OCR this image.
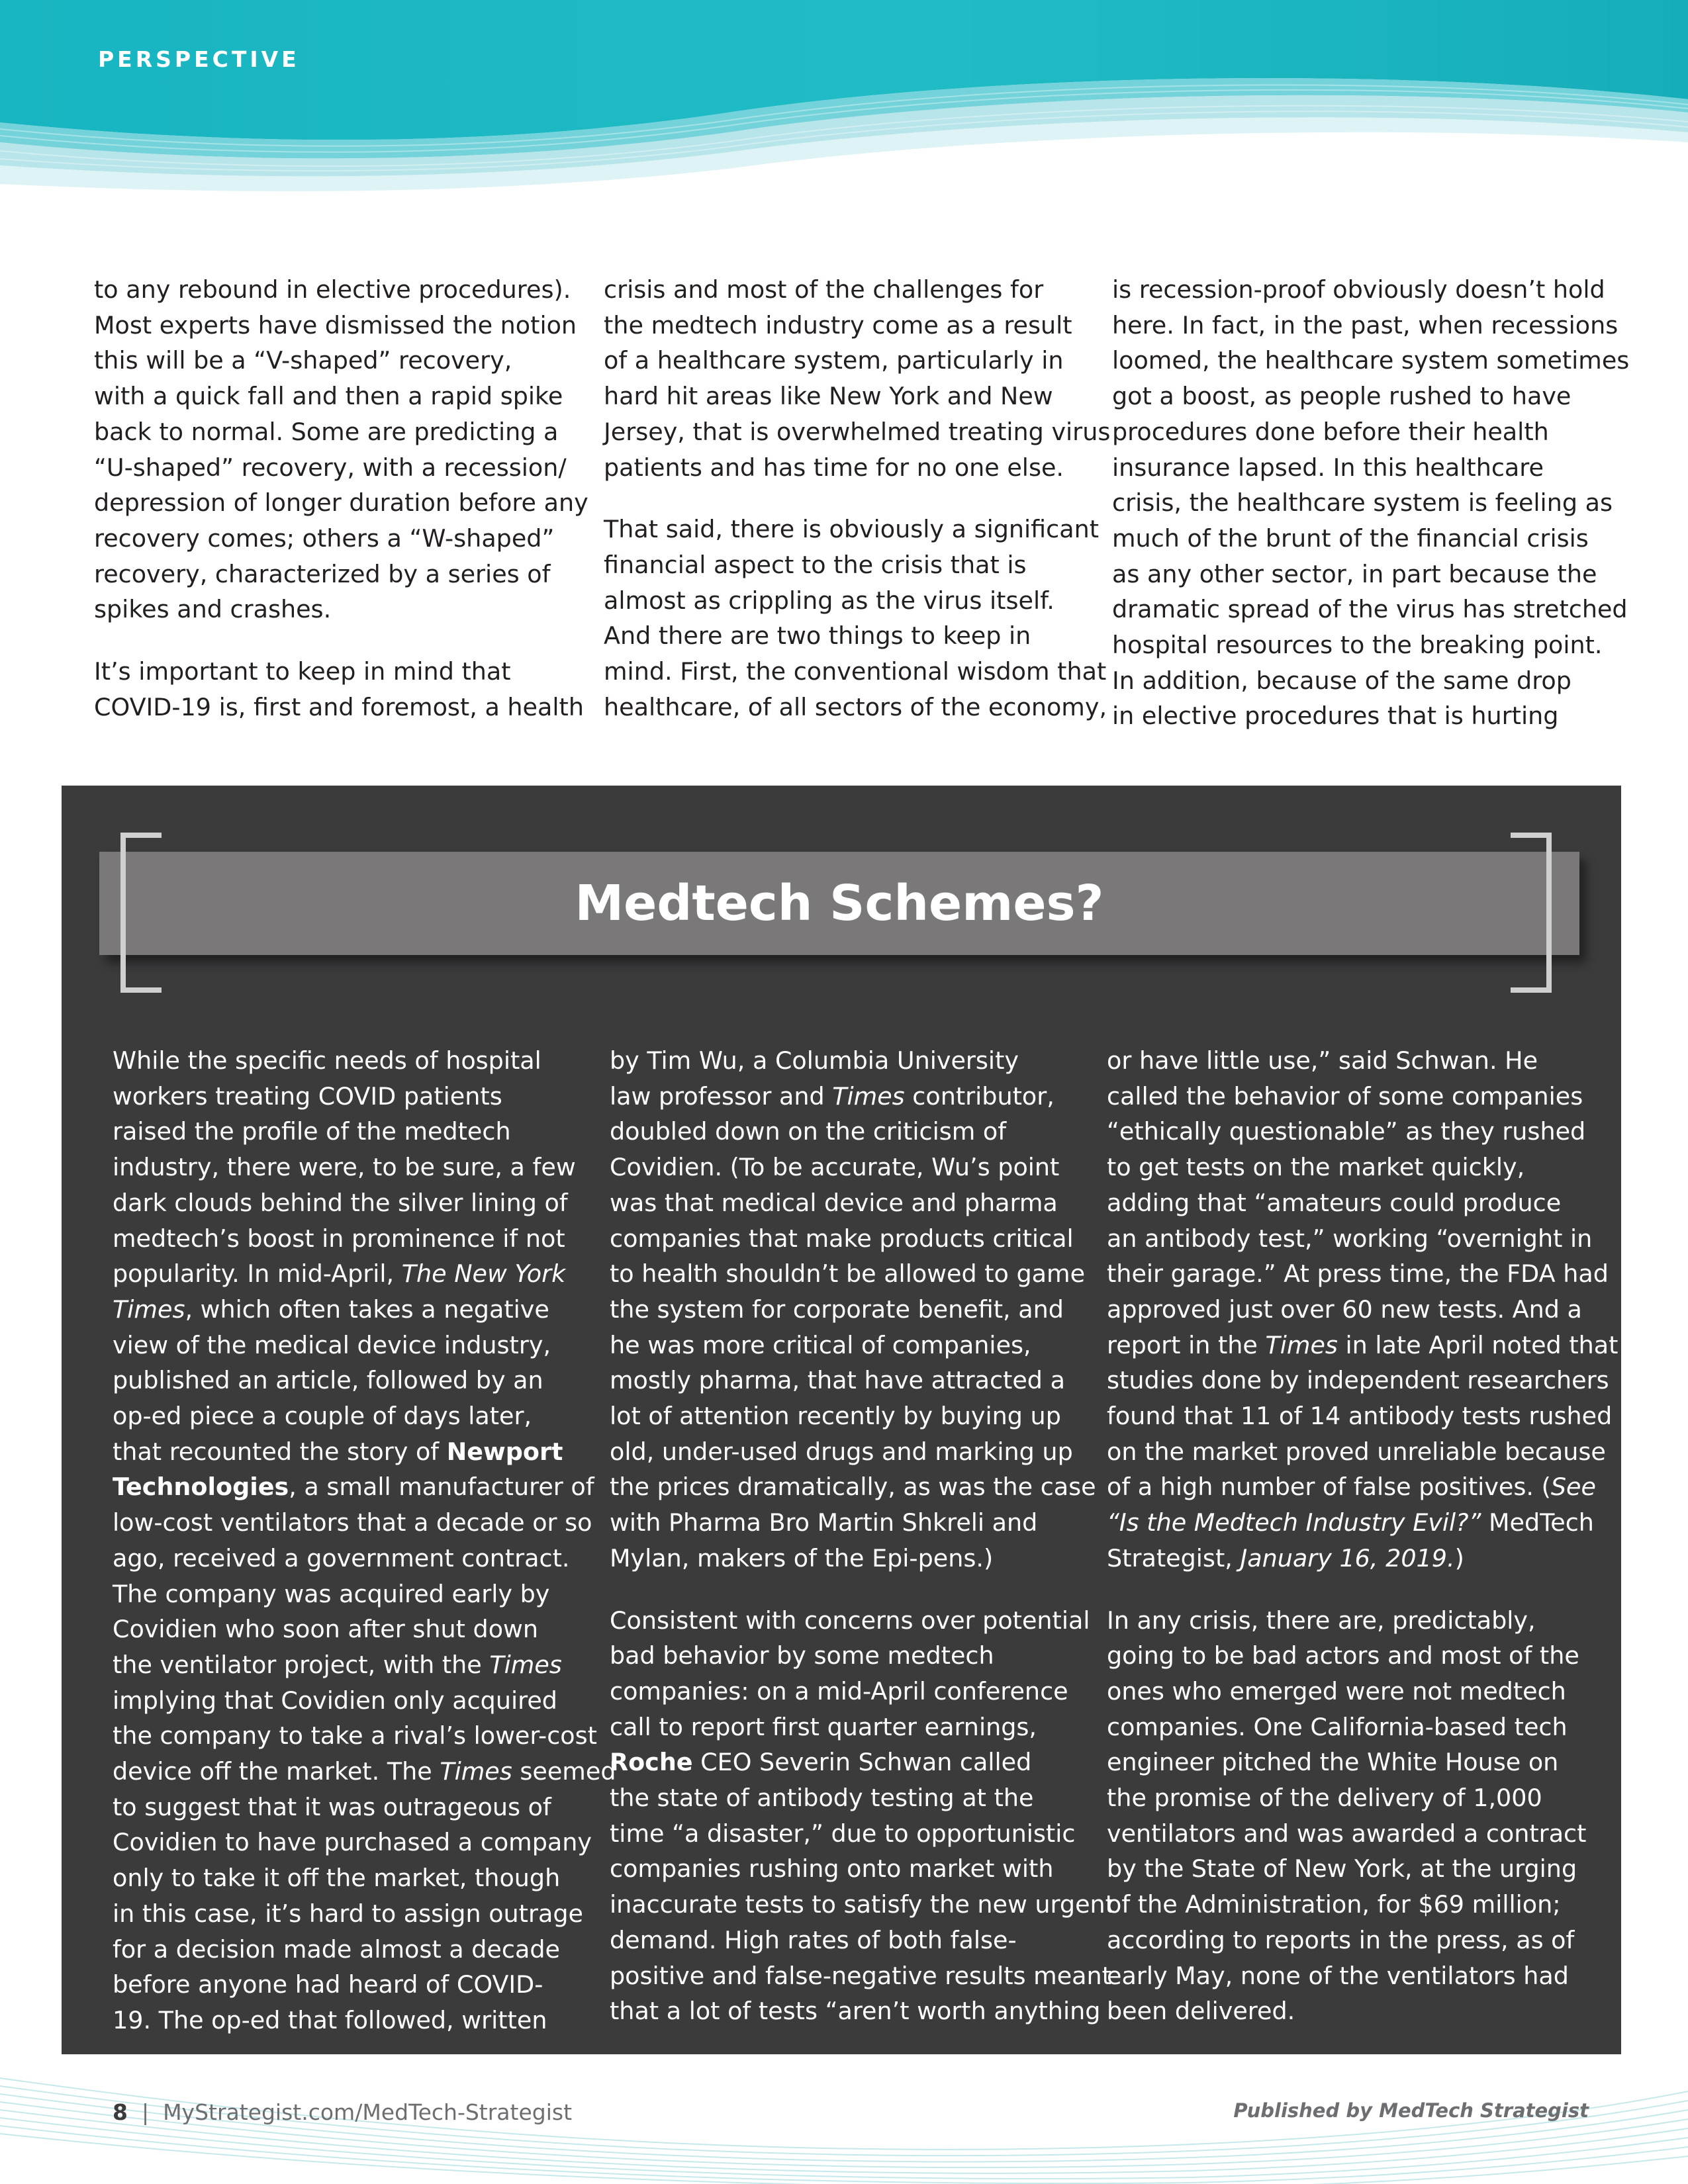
PERSPECTIVE

to any rebound in elective procedures).
Most experts have dismissed the notion
this will be a “V-shaped” recovery,
with a quick fall and then a rapid spike
back to normal. Some are predicting a
“U-shaped” recovery, with a recession/
depression of longer duration before any
recovery comes; others a “W-shaped”
recovery, characterized by a series of
spikes and crashes.

It’s important to keep in mind that
COVID-19 is, first and foremost, a health

crisis and most of the challenges for
the medtech industry come as a result
of a healthcare system, particularly in
hard hit areas like New York and New
Jersey, that is overwhelmed treating virus
patients and has time for no one else.

That said, there is obviously a significant
financial aspect to the crisis that is
almost as crippling as the virus itself.
And there are two things to keep in
mind. First, the conventional wisdom that
healthcare, of all sectors of the economy,

is recession-proof obviously doesn’t hold
here. In fact, in the past, when recessions
loomed, the healthcare system sometimes
got a boost, as people rushed to have
procedures done before their health
insurance lapsed. In this healthcare
crisis, the healthcare system is feeling as
much of the brunt of the financial crisis
as any other sector, in part because the
dramatic spread of the virus has stretched
hospital resources to the breaking point.
In addition, because of the same drop
in elective procedures that is hurting

Medtech Schemes?

While the specific needs of hospital
workers treating COVID patients
raised the profile of the medtech
industry, there were, to be sure, a few
dark clouds behind the silver lining of
medtech’s boost in prominence if not
popularity. In mid-April, The New York
Times, which often takes a negative
view of the medical device industry,
published an article, followed by an
op-ed piece a couple of days later,
that recounted the story of Newport
Technologies, a small manufacturer of
low-cost ventilators that a decade or so
ago, received a government contract.
The company was acquired early by
Covidien who soon after shut down
the ventilator project, with the Times
implying that Covidien only acquired
the company to take a rival’s lower-cost
device off the market. The Times seemed
to suggest that it was outrageous of
Covidien to have purchased a company
only to take it off the market, though
in this case, it’s hard to assign outrage
for a decision made almost a decade
before anyone had heard of COVID-
19. The op-ed that followed, written

by Tim Wu, a Columbia University
law professor and Times contributor,
doubled down on the criticism of
Covidien. (To be accurate, Wu’s point
was that medical device and pharma
companies that make products critical
to health shouldn’t be allowed to game
the system for corporate benefit, and
he was more critical of companies,
mostly pharma, that have attracted a
lot of attention recently by buying up
old, under-used drugs and marking up
the prices dramatically, as was the case
with Pharma Bro Martin Shkreli and
Mylan, makers of the Epi-pens.)

Consistent with concerns over potential
bad behavior by some medtech
companies: on a mid-April conference
call to report first quarter earnings,
Roche CEO Severin Schwan called
the state of antibody testing at the
time “a disaster,” due to opportunistic
companies rushing onto market with
inaccurate tests to satisfy the new urgent
demand. High rates of both false-
positive and false-negative results meant
that a lot of tests “aren’t worth anything

or have little use,” said Schwan. He
called the behavior of some companies
“ethically questionable” as they rushed
to get tests on the market quickly,
adding that “amateurs could produce
an antibody test,” working “overnight in
their garage.” At press time, the FDA had
approved just over 60 new tests. And a
report in the Times in late April noted that
studies done by independent researchers
found that 11 of 14 antibody tests rushed
on the market proved unreliable because
of a high number of false positives. (See
“Is the Medtech Industry Evil?” MedTech
Strategist, January 16, 2019.)

In any crisis, there are, predictably,
going to be bad actors and most of the
ones who emerged were not medtech
companies. One California-based tech
engineer pitched the White House on
the promise of the delivery of 1,000
ventilators and was awarded a contract
by the State of New York, at the urging
of the Administration, for $69 million;
according to reports in the press, as of
early May, none of the ventilators had
been delivered.

8 | MyStrategist.com/MedTech-Strategist	Published by MedTech Strategist
